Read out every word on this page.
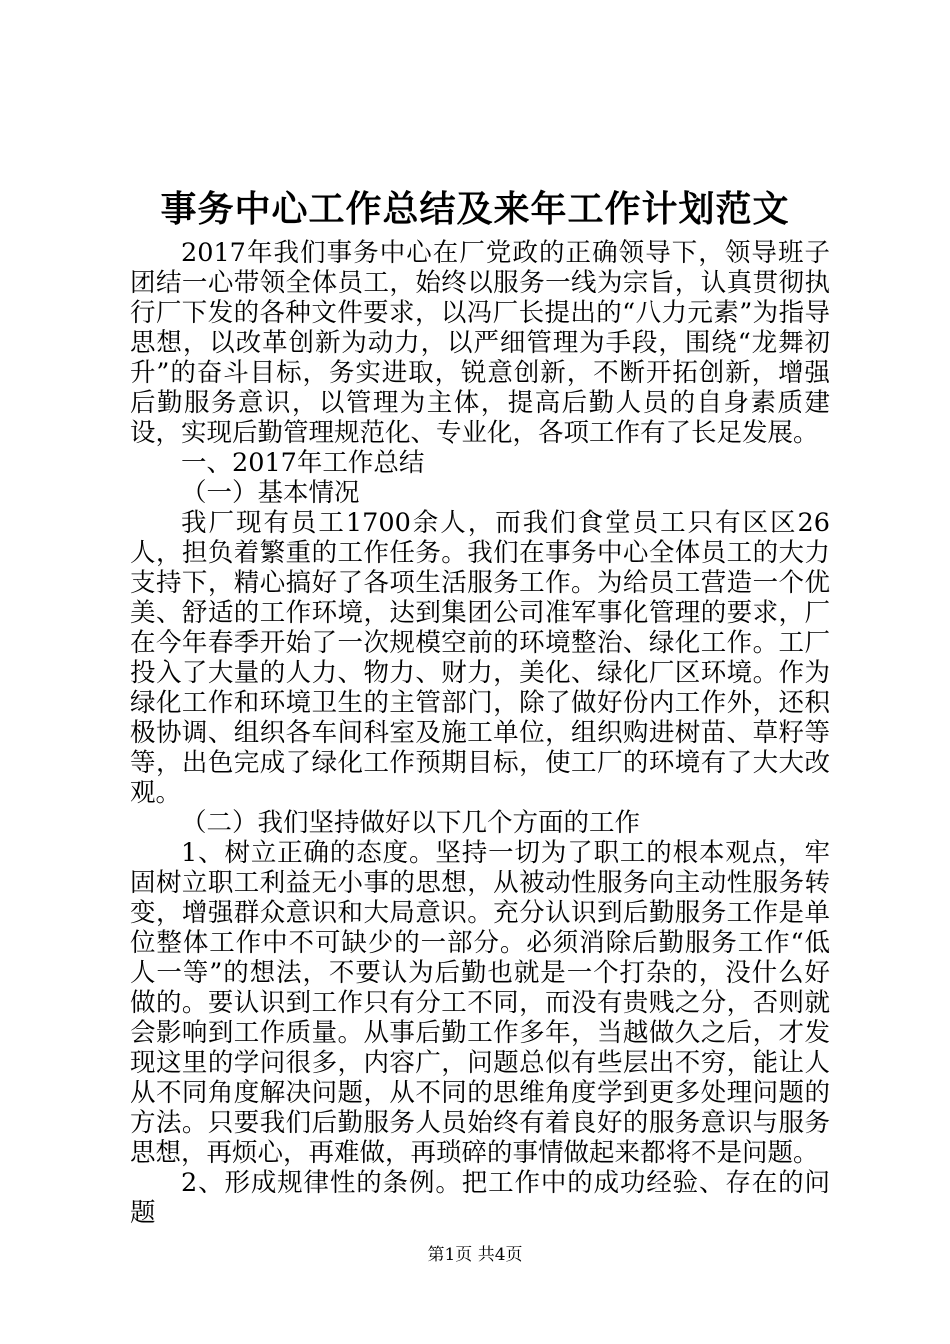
事务中心工作总结及来年工作计划范文

2017年我们事务中心在厂党政的正确领导下，领导班子团结一心带领全体员工，始终以服务一线为宗旨，认真贯彻执行厂下发的各种文件要求，以冯厂长提出的“八力元素”为指导思想，以改革创新为动力，以严细管理为手段，围绕“龙舞初升”的奋斗目标，务实进取，锐意创新，不断开拓创新，增强后勤服务意识，以管理为主体，提高后勤人员的自身素质建设，实现后勤管理规范化、专业化，各项工作有了长足发展。

一、2017年工作总结

（一）基本情况

我厂现有员工1700余人，而我们食堂员工只有区区26人，担负着繁重的工作任务。我们在事务中心全体员工的大力支持下，精心搞好了各项生活服务工作。为给员工营造一个优美、舒适的工作环境，达到集团公司准军事化管理的要求，厂在今年春季开始了一次规模空前的环境整治、绿化工作。工厂投入了大量的人力、物力、财力，美化、绿化厂区环境。作为绿化工作和环境卫生的主管部门，除了做好份内工作外，还积极协调、组织各车间科室及施工单位，组织购进树苗、草籽等等，出色完成了绿化工作预期目标，使工厂的环境有了大大改观。

（二）我们坚持做好以下几个方面的工作

1、树立正确的态度。坚持一切为了职工的根本观点，牢固树立职工利益无小事的思想，从被动性服务向主动性服务转变，增强群众意识和大局意识。充分认识到后勤服务工作是单位整体工作中不可缺少的一部分。必须消除后勤服务工作“低人一等”的想法，不要认为后勤也就是一个打杂的，没什么好做的。要认识到工作只有分工不同，而没有贵贱之分，否则就会影响到工作质量。从事后勤工作多年，当越做久之后，才发现这里的学问很多，内容广，问题总似有些层出不穷，能让人从不同角度解决问题，从不同的思维角度学到更多处理问题的方法。只要我们后勤服务人员始终有着良好的服务意识与服务思想，再烦心，再难做，再琐碎的事情做起来都将不是问题。

2、形成规律性的条例。把工作中的成功经验、存在的问题

第1页 共4页
